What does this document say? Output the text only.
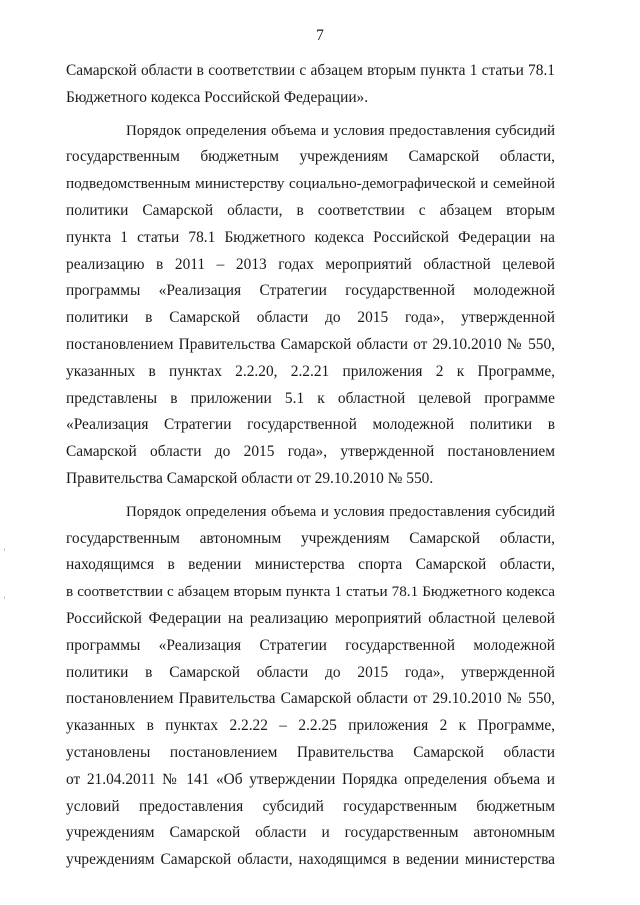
7
Самарской области в соответствии с абзацем вторым пункта 1 статьи 78.1
Бюджетного кодекса Российской Федерации».
Порядок определения объема и условия предоставления субсидий
государственным бюджетным учреждениям Самарской области,
подведомственным министерству социально-демографической и семейной
политики Самарской области, в соответствии с абзацем вторым
пункта 1 статьи 78.1 Бюджетного кодекса Российской Федерации на
реализацию в 2011 – 2013 годах мероприятий областной целевой
программы «Реализация Стратегии государственной молодежной
политики в Самарской области до 2015 года», утвержденной
постановлением Правительства Самарской области от 29.10.2010 № 550,
указанных в пунктах 2.2.20, 2.2.21 приложения 2 к Программе,
представлены в приложении 5.1 к областной целевой программе
«Реализация Стратегии государственной молодежной политики в
Самарской области до 2015 года», утвержденной постановлением
Правительства Самарской области от 29.10.2010 № 550.
Порядок определения объема и условия предоставления субсидий
государственным автономным учреждениям Самарской области,
находящимся в ведении министерства спорта Самарской области,
в соответствии с абзацем вторым пункта 1 статьи 78.1 Бюджетного кодекса
Российской Федерации на реализацию мероприятий областной целевой
программы «Реализация Стратегии государственной молодежной
политики в Самарской области до 2015 года», утвержденной
постановлением Правительства Самарской области от 29.10.2010 № 550,
указанных в пунктах 2.2.22 – 2.2.25 приложения 2 к Программе,
установлены постановлением Правительства Самарской области
от 21.04.2011 № 141 «Об утверждении Порядка определения объема и
условий предоставления субсидий государственным бюджетным
учреждениям Самарской области и государственным автономным
учреждениям Самарской области, находящимся в ведении министерства
